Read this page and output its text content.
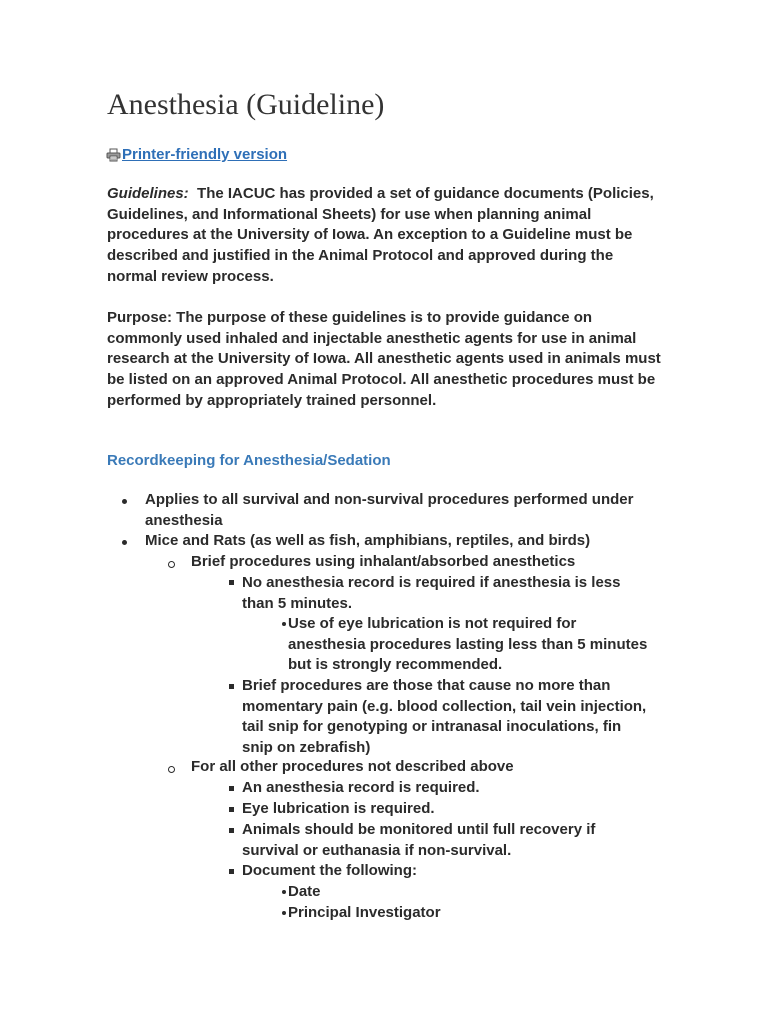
Anesthesia (Guideline)
Printer-friendly version

Guidelines: The IACUC has provided a set of guidance documents (Policies, Guidelines, and Informational Sheets) for use when planning animal procedures at the University of Iowa. An exception to a Guideline must be described and justified in the Animal Protocol and approved during the normal review process.

Purpose: The purpose of these guidelines is to provide guidance on commonly used inhaled and injectable anesthetic agents for use in animal research at the University of Iowa. All anesthetic agents used in animals must be listed on an approved Animal Protocol. All anesthetic procedures must be performed by appropriately trained personnel.

Recordkeeping for Anesthesia/Sedation

Applies to all survival and non-survival procedures performed under anesthesia

Mice and Rats (as well as fish, amphibians, reptiles, and birds)

Brief procedures using inhalant/absorbed anesthetics

No anesthesia record is required if anesthesia is less than 5 minutes.

Use of eye lubrication is not required for anesthesia procedures lasting less than 5 minutes but is strongly recommended.

Brief procedures are those that cause no more than momentary pain (e.g. blood collection, tail vein injection, tail snip for genotyping or intranasal inoculations, fin snip on zebrafish)

For all other procedures not described above

An anesthesia record is required.

Eye lubrication is required.

Animals should be monitored until full recovery if survival or euthanasia if non-survival.

Document the following:

Date

Principal Investigator
